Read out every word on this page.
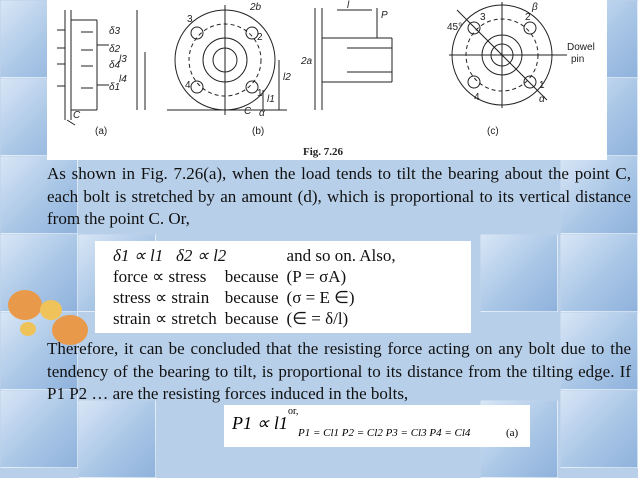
δ3
δ2
δ4
δ1
l3
l4
C
(a)
2b
3
2
4
1
C α
l2
l1
(b)
l
P
2a
45°
β
3	2
4
1
α
Dowel
pin
(c)
Fig. 7.26
As shown in Fig. 7.26(a), when the load tends to tilt the bearing about the point C, each bolt is stretched by an amount (d), which is proportional to its vertical distance from the point C. Or,
δ1 ∝ l1 δ2 ∝ l2		and so on. Also,
force ∝ stress	because	(P = σA)
stress ∝ strain	because	(σ = E ∈)
strain ∝ stretch	because	(∈ = δ/l)
Therefore, it can be concluded that the resisting force acting on any bolt due to the tendency of the bearing to tilt, is proportional to its distance from the tilting edge. If P1 P2 … are the resisting forces induced in the bolts,
P1 ∝ l1
or,
P1 = Cl1 P2 = Cl2 P3 = Cl3 P4 = Cl4	(a)
